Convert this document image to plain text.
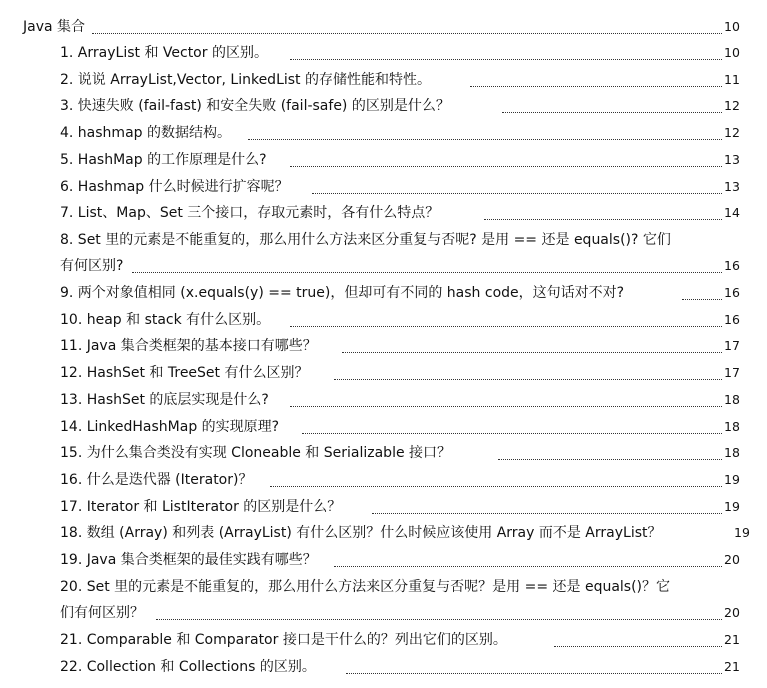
Java 集合	10
1. ArrayList 和 Vector 的区别。	10
2. 说说 ArrayList,Vector, LinkedList 的存储性能和特性。	11
3. 快速失败 (fail-fast) 和安全失败 (fail-safe) 的区别是什么？	12
4. hashmap 的数据结构。	12
5. HashMap 的工作原理是什么?	13
6. Hashmap 什么时候进行扩容呢？	13
7. List、Map、Set 三个接口，存取元素时，各有什么特点？	14
8. Set 里的元素是不能重复的，那么用什么方法来区分重复与否呢? 是用 == 还是 equals()? 它们
有何区别?	16
9. 两个对象值相同 (x.equals(y) == true)，但却可有不同的 hash code，这句话对不对?	16
10. heap 和 stack 有什么区别。	16
11. Java 集合类框架的基本接口有哪些？	17
12. HashSet 和 TreeSet 有什么区别？	17
13. HashSet 的底层实现是什么?	18
14. LinkedHashMap 的实现原理?	18
15. 为什么集合类没有实现 Cloneable 和 Serializable 接口？	18
16. 什么是迭代器 (Iterator)？	19
17. Iterator 和 ListIterator 的区别是什么？	19
18. 数组 (Array) 和列表 (ArrayList) 有什么区别？什么时候应该使用 Array 而不是 ArrayList？	19
19. Java 集合类框架的最佳实践有哪些？	20
20. Set 里的元素是不能重复的，那么用什么方法来区分重复与否呢？是用 == 还是 equals()？它
们有何区别？	20
21. Comparable 和 Comparator 接口是干什么的？列出它们的区别。	21
22. Collection 和 Collections 的区别。	21
